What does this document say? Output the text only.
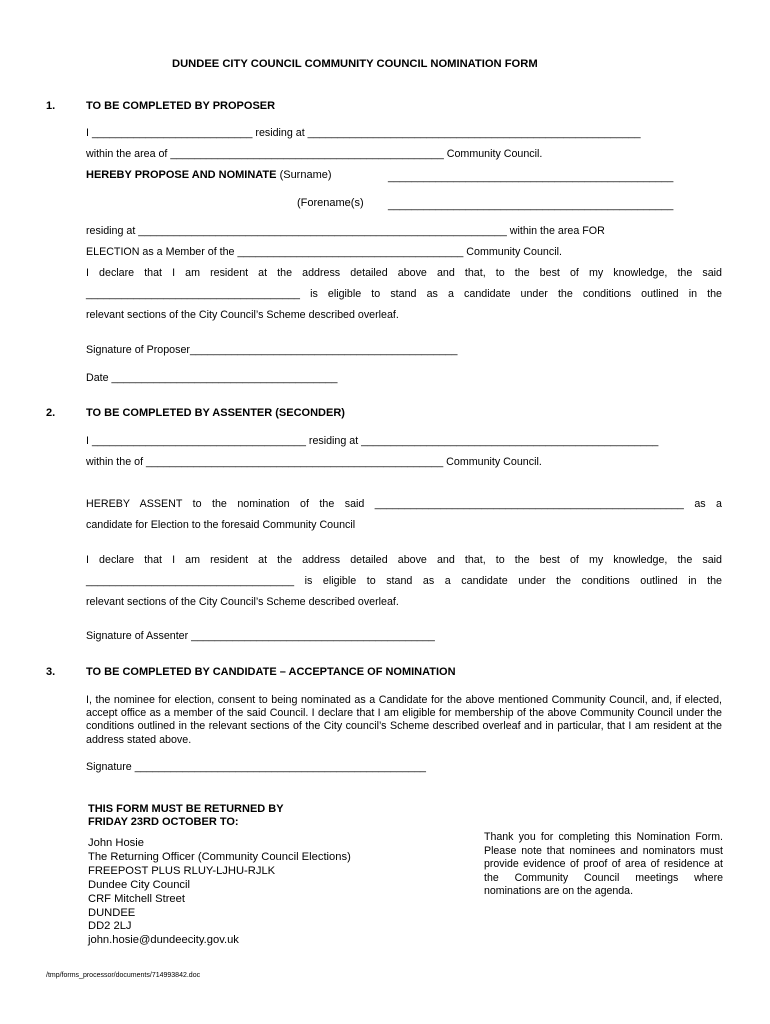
DUNDEE CITY COUNCIL COMMUNITY COUNCIL NOMINATION FORM
1.	TO BE COMPLETED BY PROPOSER
I ___________________________ residing at ________________________________________________________
within the area of ______________________________________________ Community Council.
HEREBY PROPOSE AND NOMINATE (Surname)	________________________________________________
(Forename(s) ________________________________________________
residing at ______________________________________________________________ within the area FOR
ELECTION as a Member of the ______________________________________ Community Council.
I declare that I am resident at the address detailed above and that, to the best of my knowledge, the said
____________________________________ is eligible to stand as a candidate under the conditions outlined in the
relevant sections of the City Council’s Scheme described overleaf.
Signature of Proposer_____________________________________________
Date ______________________________________
2.	TO BE COMPLETED BY ASSENTER (SECONDER)
I ____________________________________ residing at __________________________________________________
within the of __________________________________________________ Community Council.
HEREBY ASSENT to the nomination of the said ____________________________________________________ as a
candidate for Election to the foresaid Community Council
I declare that I am resident at the address detailed above and that, to the best of my knowledge, the said
___________________________________ is eligible to stand as a candidate under the conditions outlined in the
relevant sections of the City Council’s Scheme described overleaf.
Signature of Assenter _________________________________________
3.	TO BE COMPLETED BY CANDIDATE – ACCEPTANCE OF NOMINATION
I, the nominee for election, consent to being nominated as a Candidate for the above mentioned Community Council, and, if elected, accept office as a member of the said Council. I declare that I am eligible for membership of the above Community Council under the conditions outlined in the relevant sections of the City council’s Scheme described overleaf and in particular, that I am resident at the address stated above.
Signature _________________________________________________
THIS FORM MUST BE RETURNED BY
FRIDAY 23RD OCTOBER TO:
John Hosie
The Returning Officer (Community Council Elections)
FREEPOST PLUS RLUY-LJHU-RJLK
Dundee City Council
CRF Mitchell Street
DUNDEE
DD2 2LJ
john.hosie@dundeecity.gov.uk
Thank you for completing this Nomination Form. Please note that nominees and nominators must provide evidence of proof of area of residence at the Community Council meetings where nominations are on the agenda.
/tmp/forms_processor/documents/714993842.doc
